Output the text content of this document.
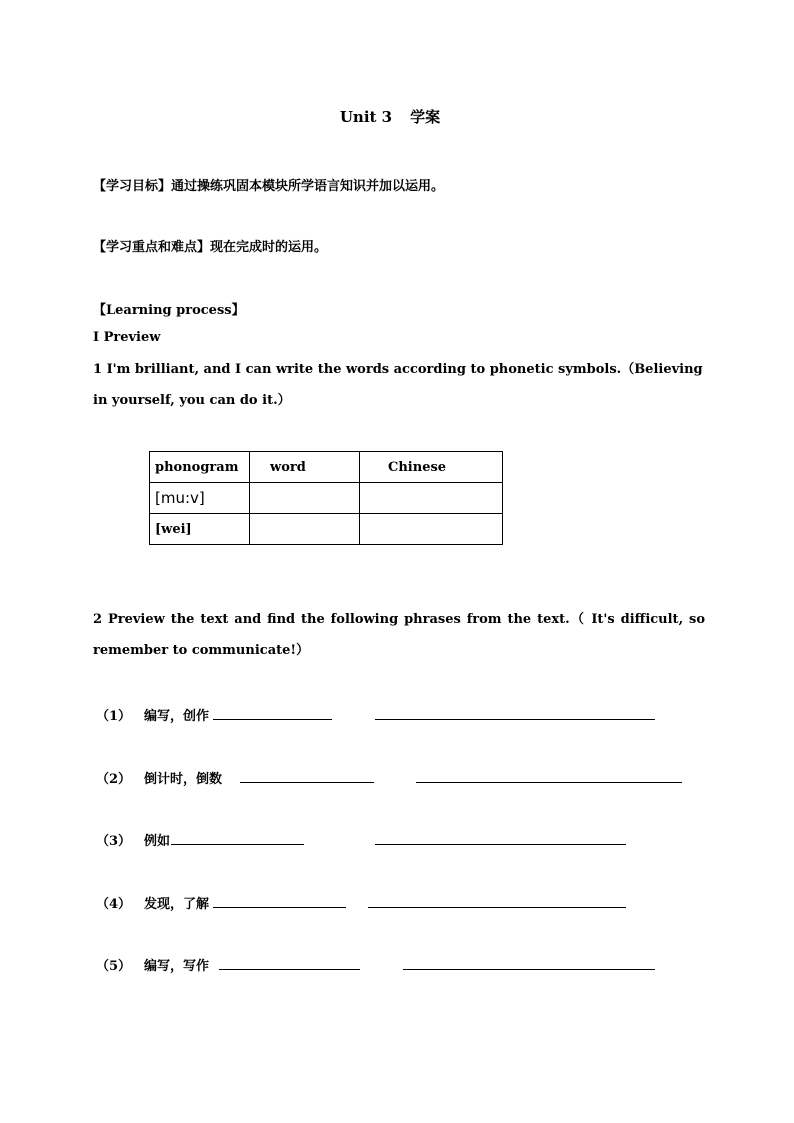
Unit 3 学案
【学习目标】通过操练巩固本模块所学语言知识并加以运用。
【学习重点和难点】现在完成时的运用。
【Learning process】
Ⅰ Preview
1 I'm brilliant, and I can write the words according to phonetic symbols.（Believing in yourself, you can do it.）
phonogram	word	Chinese
[mu:v]		
[wei]		
2 Preview the text and find the following phrases from the text.（ It's difficult, so remember to communicate!）
（1） 编写，创作
（2） 倒计时，倒数
（3） 例如
（4） 发现，了解
（5） 编写，写作
